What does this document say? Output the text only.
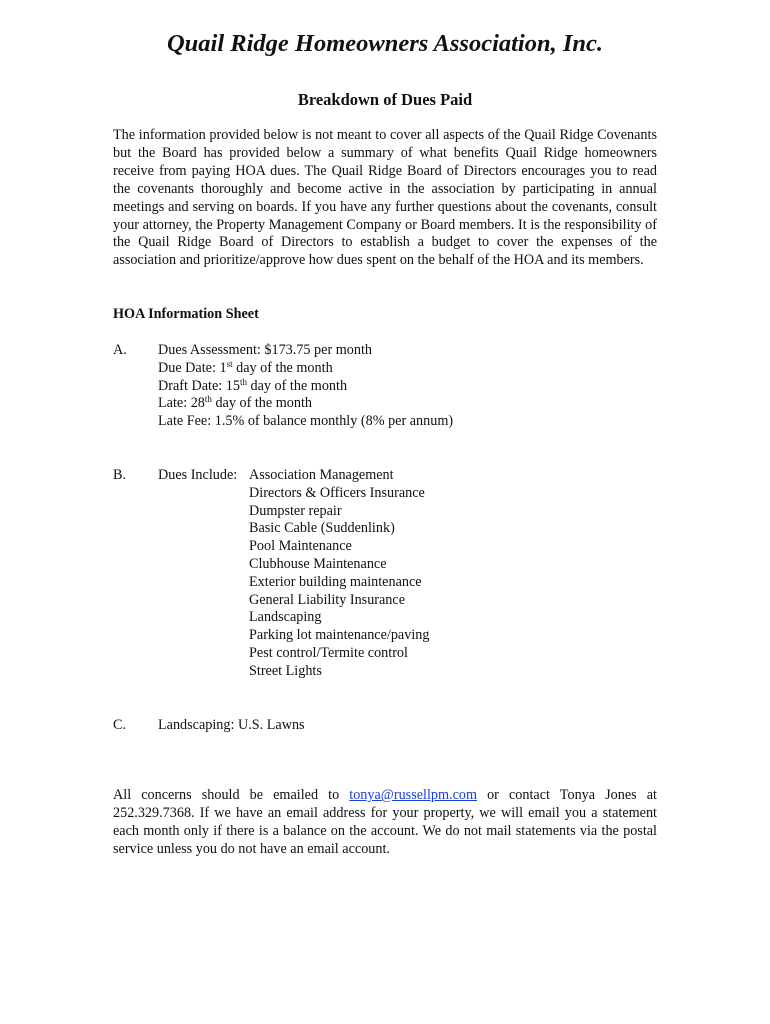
Quail Ridge Homeowners Association, Inc.
Breakdown of Dues Paid

The information provided below is not meant to cover all aspects of the Quail Ridge Covenants but the Board has provided below a summary of what benefits Quail Ridge homeowners receive from paying HOA dues. The Quail Ridge Board of Directors encourages you to read the covenants thoroughly and become active in the association by participating in annual meetings and serving on boards. If you have any further questions about the covenants, consult your attorney, the Property Management Company or Board members. It is the responsibility of the Quail Ridge Board of Directors to establish a budget to cover the expenses of the association and prioritize/approve how dues spent on the behalf of the HOA and its members.

HOA Information Sheet
A. Dues Assessment: $173.75 per month
Due Date: 1st day of the month
Draft Date: 15th day of the month
Late: 28th day of the month
Late Fee: 1.5% of balance monthly (8% per annum)
B. Dues Include: Association Management
Directors & Officers Insurance
Dumpster repair
Basic Cable (Suddenlink)
Pool Maintenance
Clubhouse Maintenance
Exterior building maintenance
General Liability Insurance
Landscaping
Parking lot maintenance/paving
Pest control/Termite control
Street Lights
C. Landscaping: U.S. Lawns

All concerns should be emailed to tonya@russellpm.com or contact Tonya Jones at 252.329.7368. If we have an email address for your property, we will email you a statement each month only if there is a balance on the account. We do not mail statements via the postal service unless you do not have an email account.
